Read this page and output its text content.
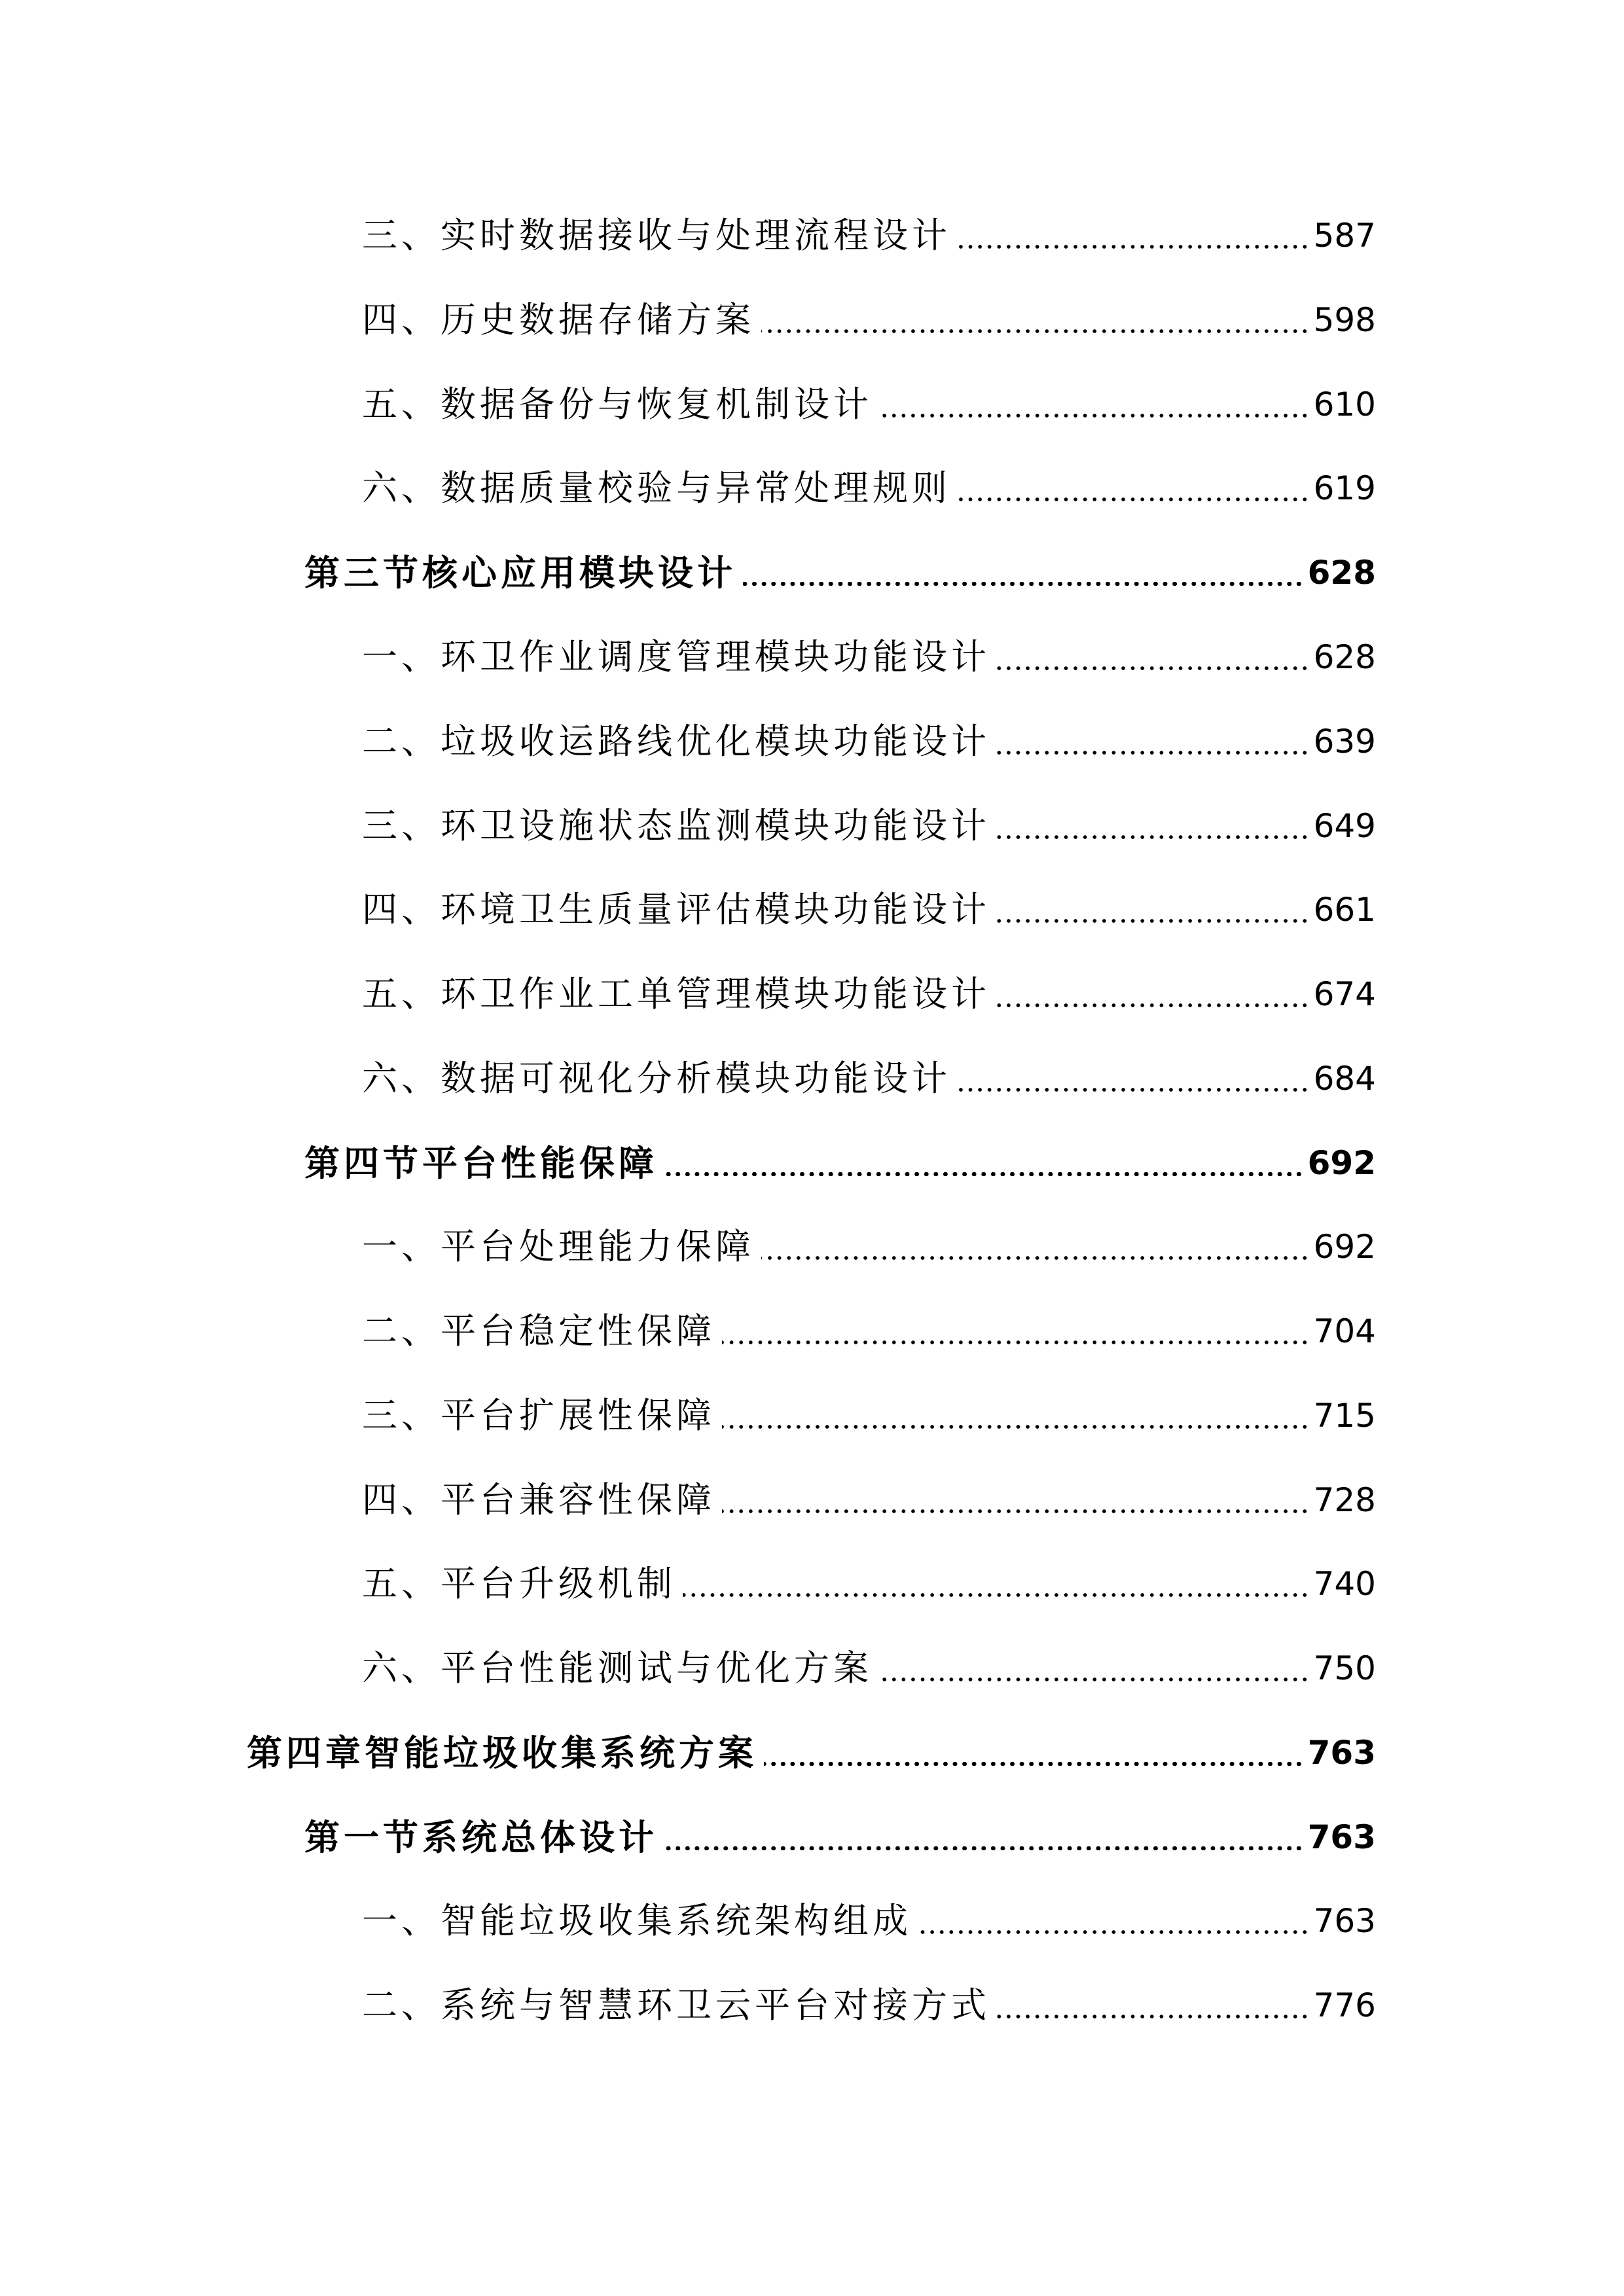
三、实时数据接收与处理流程设计	587
四、历史数据存储方案	598
五、数据备份与恢复机制设计	610
六、数据质量校验与异常处理规则	619
第三节核心应用模块设计	628
一、环卫作业调度管理模块功能设计	628
二、垃圾收运路线优化模块功能设计	639
三、环卫设施状态监测模块功能设计	649
四、环境卫生质量评估模块功能设计	661
五、环卫作业工单管理模块功能设计	674
六、数据可视化分析模块功能设计	684
第四节平台性能保障	692
一、平台处理能力保障	692
二、平台稳定性保障	704
三、平台扩展性保障	715
四、平台兼容性保障	728
五、平台升级机制	740
六、平台性能测试与优化方案	750
第四章智能垃圾收集系统方案	763
第一节系统总体设计	763
一、智能垃圾收集系统架构组成	763
二、系统与智慧环卫云平台对接方式	776
